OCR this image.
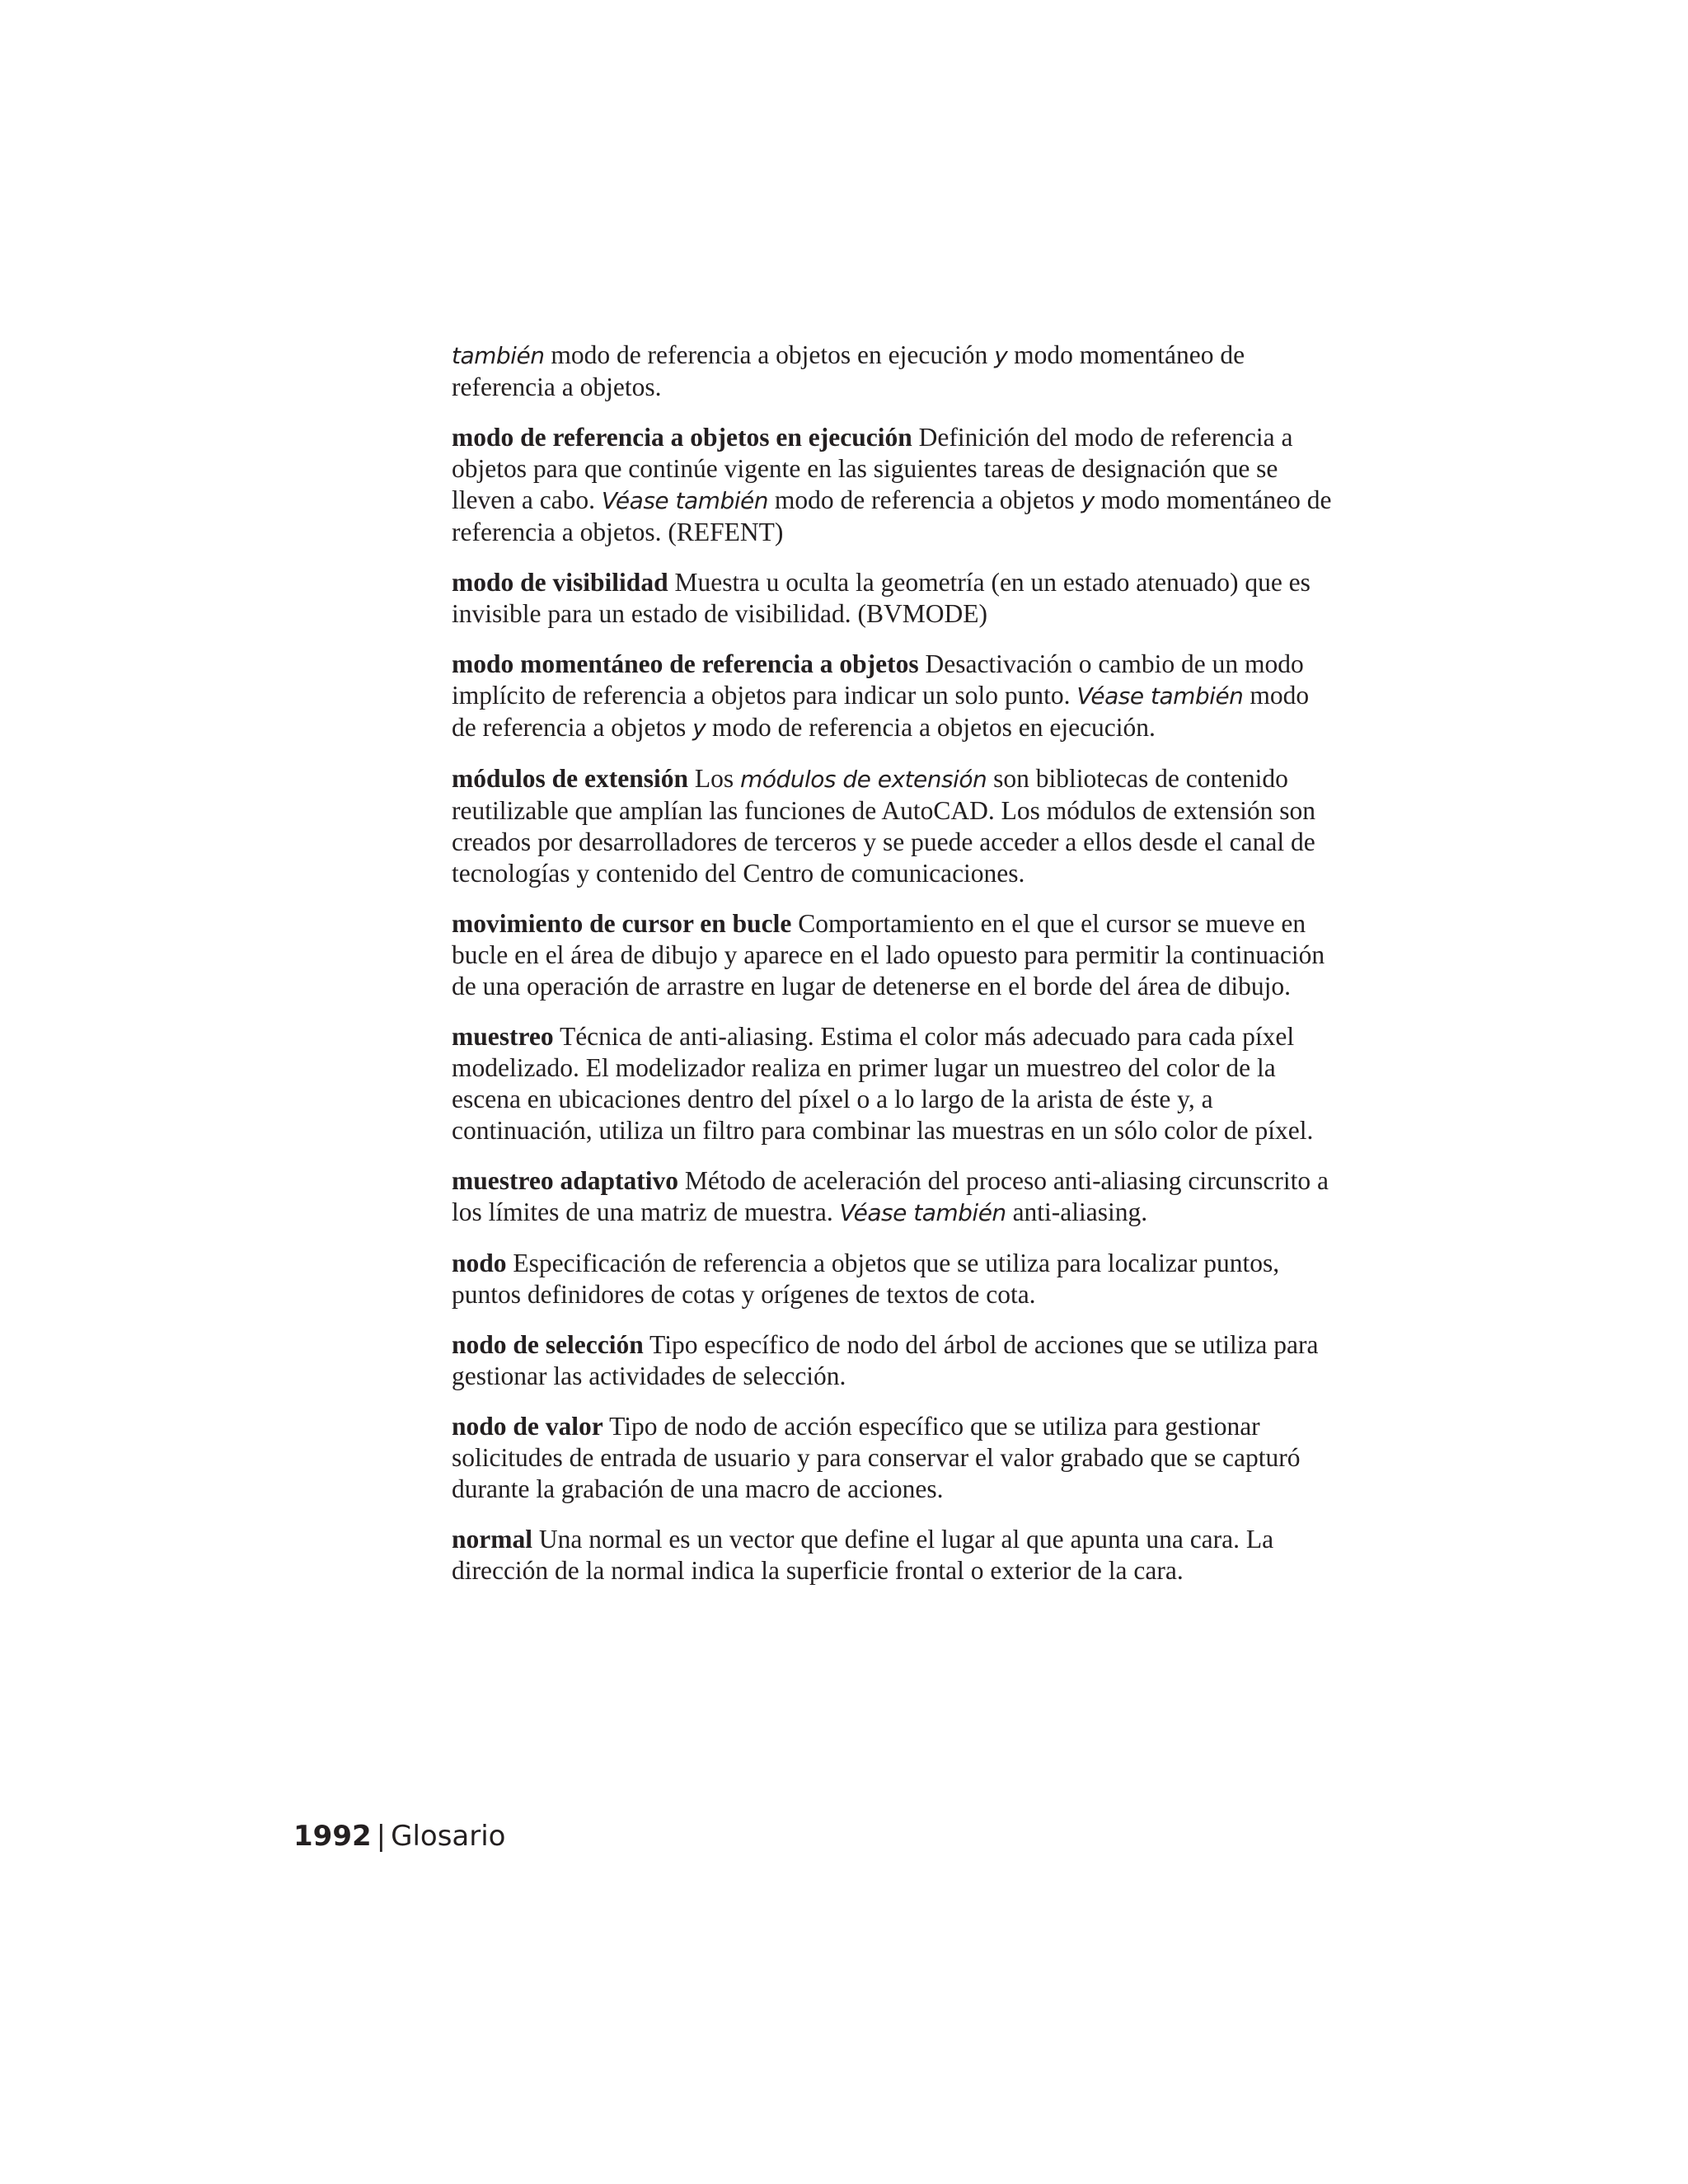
también modo de referencia a objetos en ejecución y modo momentáneo de referencia a objetos.

modo de referencia a objetos en ejecución Definición del modo de referencia a objetos para que continúe vigente en las siguientes tareas de designación que se lleven a cabo. Véase también modo de referencia a objetos y modo momentáneo de referencia a objetos. (REFENT)

modo de visibilidad Muestra u oculta la geometría (en un estado atenuado) que es invisible para un estado de visibilidad. (BVMODE)

modo momentáneo de referencia a objetos Desactivación o cambio de un modo implícito de referencia a objetos para indicar un solo punto. Véase también modo de referencia a objetos y modo de referencia a objetos en ejecución.

módulos de extensión Los módulos de extensión son bibliotecas de contenido reutilizable que amplían las funciones de AutoCAD. Los módulos de extensión son creados por desarrolladores de terceros y se puede acceder a ellos desde el canal de tecnologías y contenido del Centro de comunicaciones.

movimiento de cursor en bucle Comportamiento en el que el cursor se mueve en bucle en el área de dibujo y aparece en el lado opuesto para permitir la continuación de una operación de arrastre en lugar de detenerse en el borde del área de dibujo.

muestreo Técnica de anti-aliasing. Estima el color más adecuado para cada píxel modelizado. El modelizador realiza en primer lugar un muestreo del color de la escena en ubicaciones dentro del píxel o a lo largo de la arista de éste y, a continuación, utiliza un filtro para combinar las muestras en un sólo color de píxel.

muestreo adaptativo Método de aceleración del proceso anti-aliasing circunscrito a los límites de una matriz de muestra. Véase también anti-aliasing.

nodo Especificación de referencia a objetos que se utiliza para localizar puntos, puntos definidores de cotas y orígenes de textos de cota.

nodo de selección Tipo específico de nodo del árbol de acciones que se utiliza para gestionar las actividades de selección.

nodo de valor Tipo de nodo de acción específico que se utiliza para gestionar solicitudes de entrada de usuario y para conservar el valor grabado que se capturó durante la grabación de una macro de acciones.

normal Una normal es un vector que define el lugar al que apunta una cara. La dirección de la normal indica la superficie frontal o exterior de la cara.

1992 | Glosario
